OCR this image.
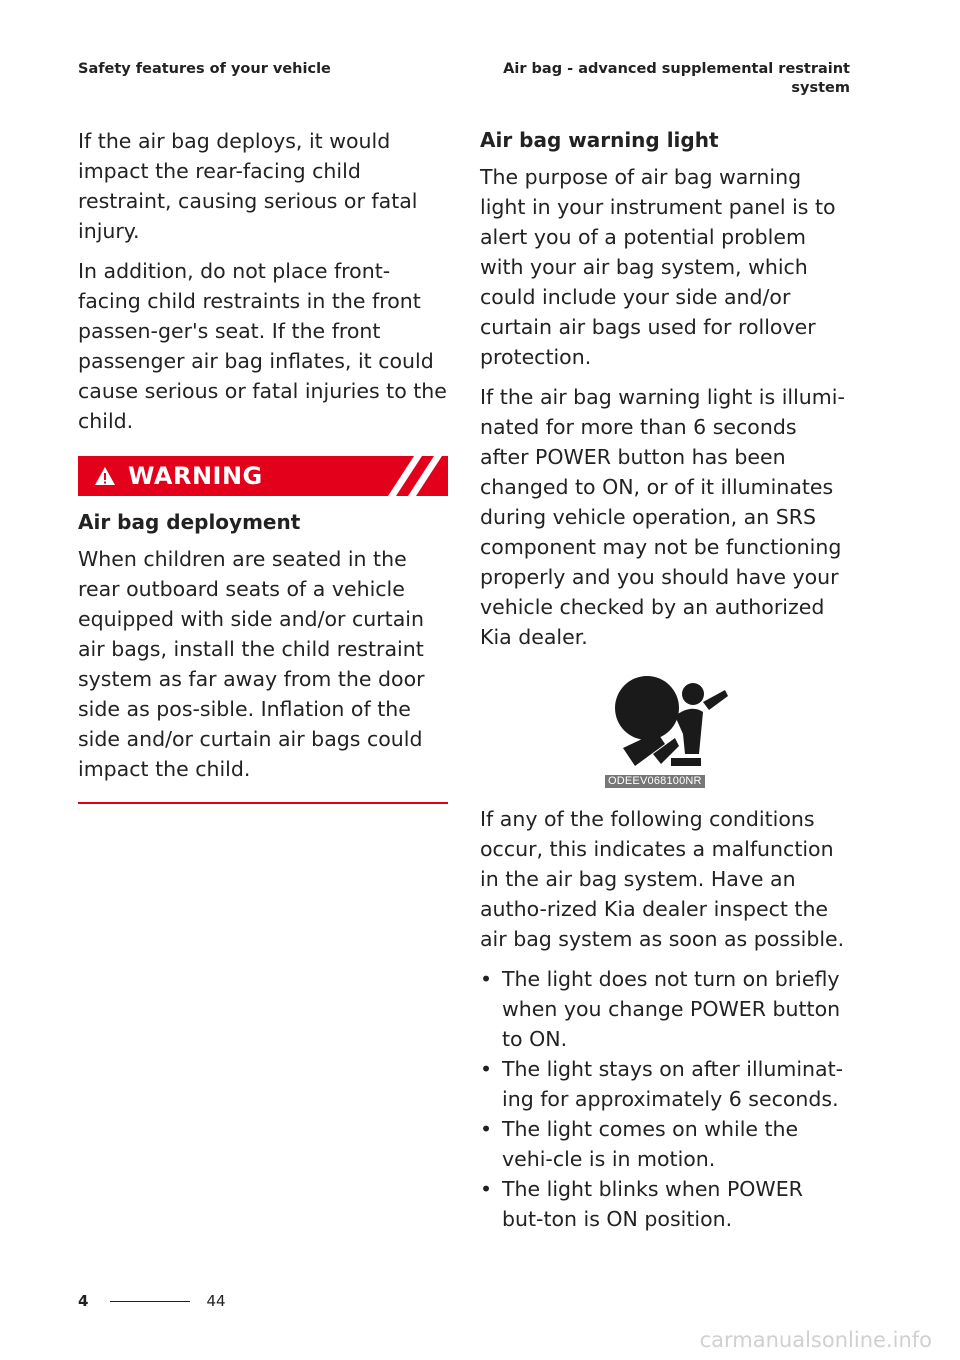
Safety features of your vehicle	Air bag - advanced supplemental restraint
system

If the air bag deploys, it would impact the rear-facing child restraint, causing serious or fatal injury.

In addition, do not place front-facing child restraints in the front passen-ger's seat. If the front passenger air bag inflates, it could cause serious or fatal injuries to the child.

WARNING
Air bag deployment

When children are seated in the rear outboard seats of a vehicle equipped with side and/or curtain air bags, install the child restraint system as far away from the door side as pos-sible. Inflation of the side and/or curtain air bags could impact the child.

Air bag warning light

The purpose of air bag warning light in your instrument panel is to alert you of a potential problem with your air bag system, which could include your side and/or curtain air bags used for rollover protection.

If the air bag warning light is illumi-nated for more than 6 seconds after POWER button has been changed to ON, or of it illuminates during vehicle operation, an SRS component may not be functioning properly and you should have your vehicle checked by an authorized Kia dealer.

ODEEV068100NR

If any of the following conditions occur, this indicates a malfunction in the air bag system. Have an autho-rized Kia dealer inspect the air bag system as soon as possible.

• The light does not turn on briefly when you change POWER button to ON.
• The light stays on after illuminat-ing for approximately 6 seconds.
• The light comes on while the vehi-cle is in motion.
• The light blinks when POWER but-ton is ON position.
4	44
carmanualsonline.info
